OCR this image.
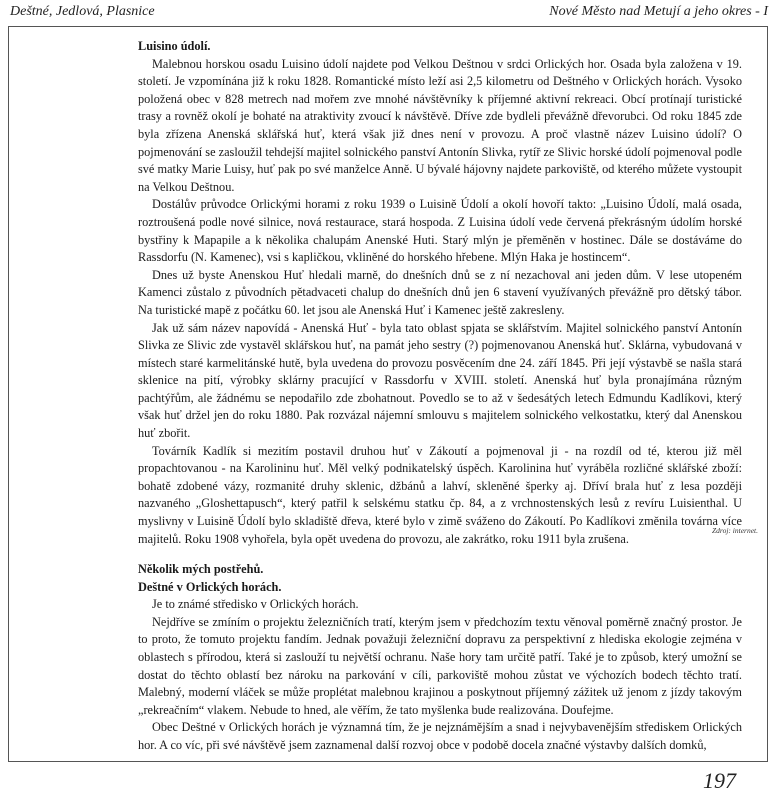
Deštné, Jedlová, Plasnice	Nové Město nad Metují a jeho okres - I
Luisino údolí.

Malebnou horskou osadu Luisino údolí najdete pod Velkou Deštnou v srdci Orlických hor. Osada byla založena v 19. století. Je vzpomínána již k roku 1828. Romantické místo leží asi 2,5 kilometru od Deštného v Orlických horách. Vysoko položená obec v 828 metrech nad mořem zve mnohé návštěvníky k příjemné aktivní rekreaci. Obcí protínají turistické trasy a rovněž okolí je bohaté na atraktivity zvoucí k návštěvě. Dříve zde bydleli převážně dřevorubci. Od roku 1845 zde byla zřízena Anenská sklářská huť, která však již dnes není v provozu. A proč vlastně název Luisino údolí? O pojmenování se zasloužil tehdejší majitel solnického panství Antonín Slivka, rytíř ze Slivic horské údolí pojmenoval podle své matky Marie Luisy, huť pak po své manželce Anně. U bývalé hájovny najdete parkoviště, od kterého můžete vystoupit na Velkou Deštnou.

Dostálův průvodce Orlickými horami z roku 1939 o Luisině Údolí a okolí hovoří takto: „Luisino Údolí, malá osada, roztroušená podle nové silnice, nová restaurace, stará hospoda. Z Luisina údolí vede červená překrásným údolím horské bystřiny k Mapapile a k několika chalupám Anenské Huti. Starý mlýn je přeměněn v hostinec. Dále se dostáváme do Rassdorfu (N. Kamenec), vsi s kapličkou, vkliněné do horského hřebene. Mlýn Haka je hostincem“.

Dnes už byste Anenskou Huť hledali marně, do dnešních dnů se z ní nezachoval ani jeden dům. V lese utopeném Kamenci zůstalo z původních pětadvaceti chalup do dnešních dnů jen 6 stavení využívaných převážně pro dětský tábor. Na turistické mapě z počátku 60. let jsou ale Anenská Huť i Kamenec ještě zakresleny.

Jak už sám název napovídá - Anenská Huť - byla tato oblast spjata se sklářstvím. Majitel solnického panství Antonín Slivka ze Slivic zde vystavěl sklářskou huť, na památ jeho sestry (?) pojmenovanou Anenská huť. Sklárna, vybudovaná v místech staré karmelitánské hutě, byla uvedena do provozu posvěcením dne 24. září 1845. Při její výstavbě se našla stará sklenice na pití, výrobky sklárny pracující v Rassdorfu v XVIII. století. Anenská huť byla pronajímána různým pachtýřům, ale žádnému se nepodařilo zde zbohatnout. Povedlo se to až v šedesátých letech Edmundu Kadlíkovi, který však huť držel jen do roku 1880. Pak rozvázal nájemní smlouvu s majitelem solnického velkostatku, který dal Anenskou huť zbořit.

Továrník Kadlík si mezitím postavil druhou huť v Zákoutí a pojmenoval ji - na rozdíl od té, kterou již měl propachtovanou - na Karolininu huť. Měl velký podnikatelský úspěch. Karolinina huť vyráběla rozličné sklářské zboží: bohatě zdobené vázy, rozmanité druhy sklenic, džbánů a lahví, skleněné šperky aj. Dříví brala huť z lesa později nazvaného „Gloshettapusch“, který patřil k selskému statku čp. 84, a z vrchnostenských lesů z revíru Luisienthal. U myslivny v Luisině Údolí bylo skladiště dřeva, které bylo v zimě sváženo do Zákoutí. Po Kadlíkovi změnila továrna více majitelů. Roku 1908 vyhořela, byla opět uvedena do provozu, ale zakrátko, roku 1911 byla zrušena.

Zdroj: internet.
Několik mých postřehů.
Deštné v Orlických horách.

Je to známé středisko v Orlických horách.

Nejdříve se zmíním o projektu železničních tratí, kterým jsem v předchozím textu věnoval poměrně značný prostor. Je to proto, že tomuto projektu fandím. Jednak považuji železniční dopravu za perspektivní z hlediska ekologie zejména v oblastech s přírodou, která si zaslouží tu největší ochranu. Naše hory tam určitě patří. Také je to způsob, který umožní se dostat do těchto oblastí bez nároku na parkování v cíli, parkoviště mohou zůstat ve výchozích bodech těchto tratí. Malebný, moderní vláček se může proplétat malebnou krajinou a poskytnout příjemný zážitek už jenom z jízdy takovým „rekreačním“ vlakem. Nebude to hned, ale věřím, že tato myšlenka bude realizována. Doufejme.

Obec Deštné v Orlických horách je významná tím, že je nejznámějším a snad i nejvybavenějším střediskem Orlických hor. A co víc, při své návštěvě jsem zaznamenal další rozvoj obce v podobě docela značné výstavby dalších domků,

197
